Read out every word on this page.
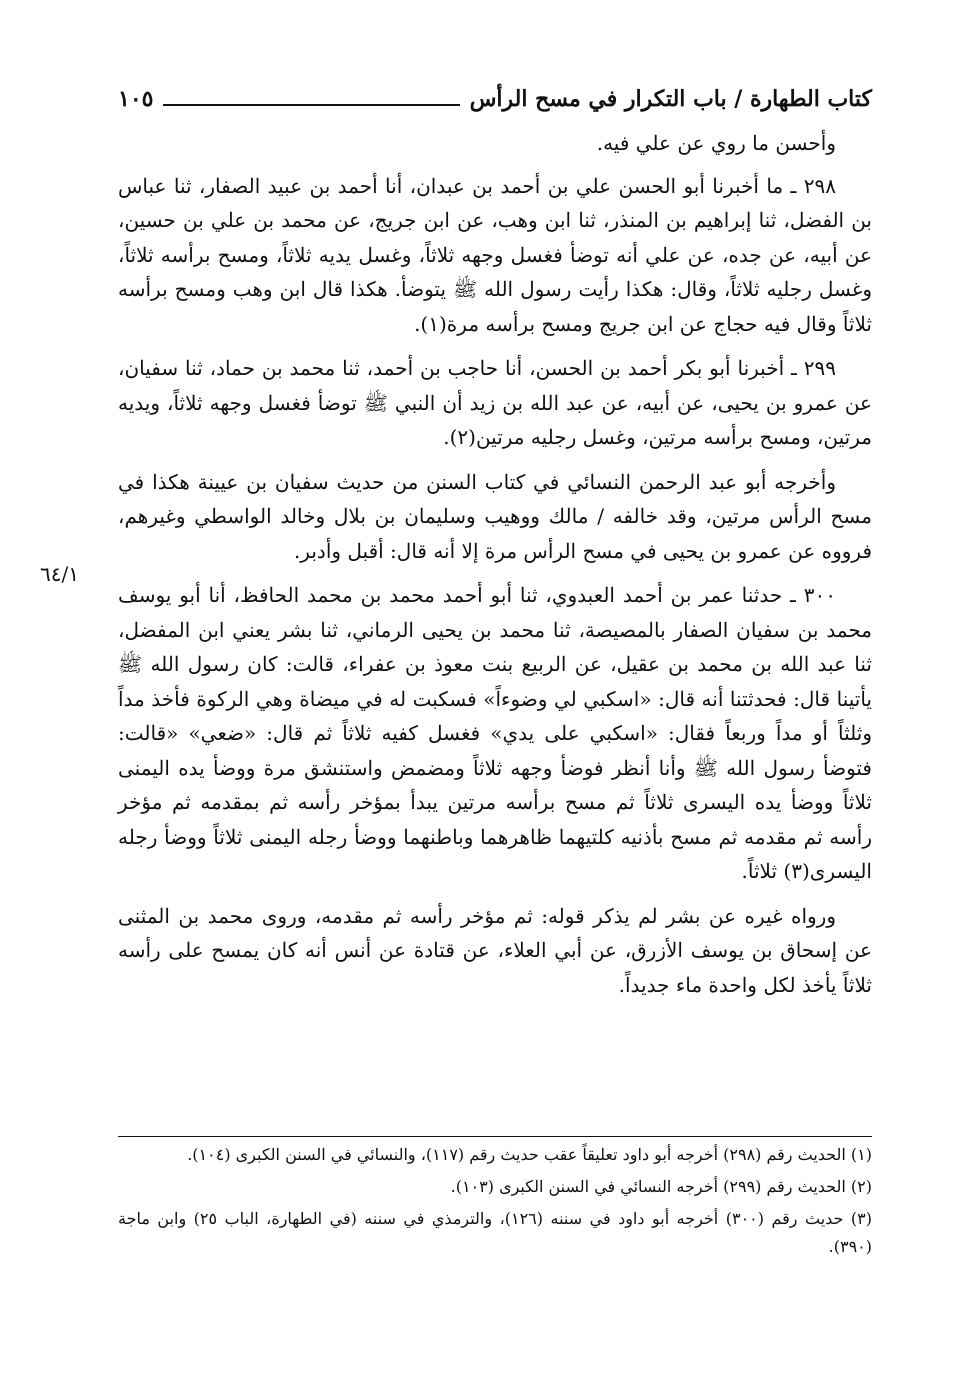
كتاب الطهارة / باب التكرار في مسح الرأس
١٠٥
٦٤/١

وأحسن ما روي عن علي فيه.

٢٩٨ ـ ما أخبرنا أبو الحسن علي بن أحمد بن عبدان، أنا أحمد بن عبيد الصفار، ثنا عباس بن الفضل، ثنا إبراهيم بن المنذر، ثنا ابن وهب، عن ابن جريج، عن محمد بن علي بن حسين، عن أبيه، عن جده، عن علي أنه توضأ فغسل وجهه ثلاثاً، وغسل يديه ثلاثاً، ومسح برأسه ثلاثاً، وغسل رجليه ثلاثاً، وقال: هكذا رأيت رسول الله ﷺ يتوضأ. هكذا قال ابن وهب ومسح برأسه ثلاثاً وقال فيه حجاج عن ابن جريج ومسح برأسه مرة(١).

٢٩٩ ـ أخبرنا أبو بكر أحمد بن الحسن، أنا حاجب بن أحمد، ثنا محمد بن حماد، ثنا سفيان، عن عمرو بن يحيى، عن أبيه، عن عبد الله بن زيد أن النبي ﷺ توضأ فغسل وجهه ثلاثاً، ويديه مرتين، ومسح برأسه مرتين، وغسل رجليه مرتين(٢).

وأخرجه أبو عبد الرحمن النسائي في كتاب السنن من حديث سفيان بن عيينة هكذا في مسح الرأس مرتين، وقد خالفه / مالك ووهيب وسليمان بن بلال وخالد الواسطي وغيرهم، فرووه عن عمرو بن يحيى في مسح الرأس مرة إلا أنه قال: أقبل وأدبر.

٣٠٠ ـ حدثنا عمر بن أحمد العبدوي، ثنا أبو أحمد محمد بن محمد الحافظ، أنا أبو يوسف محمد بن سفيان الصفار بالمصيصة، ثنا محمد بن يحيى الرماني، ثنا بشر يعني ابن المفضل، ثنا عبد الله بن محمد بن عقيل، عن الربيع بنت معوذ بن عفراء، قالت: كان رسول الله ﷺ يأتينا قال: فحدثتنا أنه قال: «اسكبي لي وضوءاً» فسكبت له في ميضاة وهي الركوة فأخذ مداً وثلثاً أو مداً وربعاً فقال: «اسكبي على يدي» فغسل كفيه ثلاثاً ثم قال: «ضعي» «قالت: فتوضأ رسول الله ﷺ وأنا أنظر فوضأ وجهه ثلاثاً ومضمض واستنشق مرة ووضأ يده اليمنى ثلاثاً ووضأ يده اليسرى ثلاثاً ثم مسح برأسه مرتين يبدأ بمؤخر رأسه ثم بمقدمه ثم مؤخر رأسه ثم مقدمه ثم مسح بأذنيه كلتيهما ظاهرهما وباطنهما ووضأ رجله اليمنى ثلاثاً ووضأ رجله اليسرى(٣) ثلاثاً.

ورواه غيره عن بشر لم يذكر قوله: ثم مؤخر رأسه ثم مقدمه، وروى محمد بن المثنى عن إسحاق بن يوسف الأزرق، عن أبي العلاء، عن قتادة عن أنس أنه كان يمسح على رأسه ثلاثاً يأخذ لكل واحدة ماء جديداً.

(١) الحديث رقم (٢٩٨) أخرجه أبو داود تعليقاً عقب حديث رقم (١١٧)، والنسائي في السنن الكبرى (١٠٤).

(٢) الحديث رقم (٢٩٩) أخرجه النسائي في السنن الكبرى (١٠٣).

(٣) حديث رقم (٣٠٠) أخرجه أبو داود في سننه (١٢٦)، والترمذي في سننه (في الطهارة، الباب ٢٥) وابن ماجة (٣٩٠).
